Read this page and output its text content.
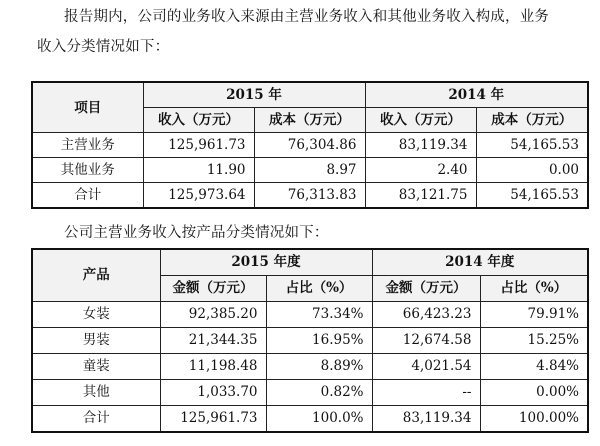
报告期内，公司的业务收入来源由主营业务收入和其他业务收入构成，业务
收入分类情况如下：
项目	2015 年		2014 年	
	收入（万元）	成本（万元）	收入（万元）	成本（万元）
主营业务	125,961.73	76,304.86	83,119.34	54,165.53
其他业务	11.90	8.97	2.40	0.00
合计	125,973.64	76,313.83	83,121.75	54,165.53
公司主营业务收入按产品分类情况如下：
产品	2015 年度		2014 年度	
	金额（万元）	占比（%）	金额（万元）	占比（%）
女装	92,385.20	73.34%	66,423.23	79.91%
男装	21,344.35	16.95%	12,674.58	15.25%
童装	11,198.48	8.89%	4,021.54	4.84%
其他	1,033.70	0.82%	--	0.00%
合计	125,961.73	100.0%	83,119.34	100.00%
